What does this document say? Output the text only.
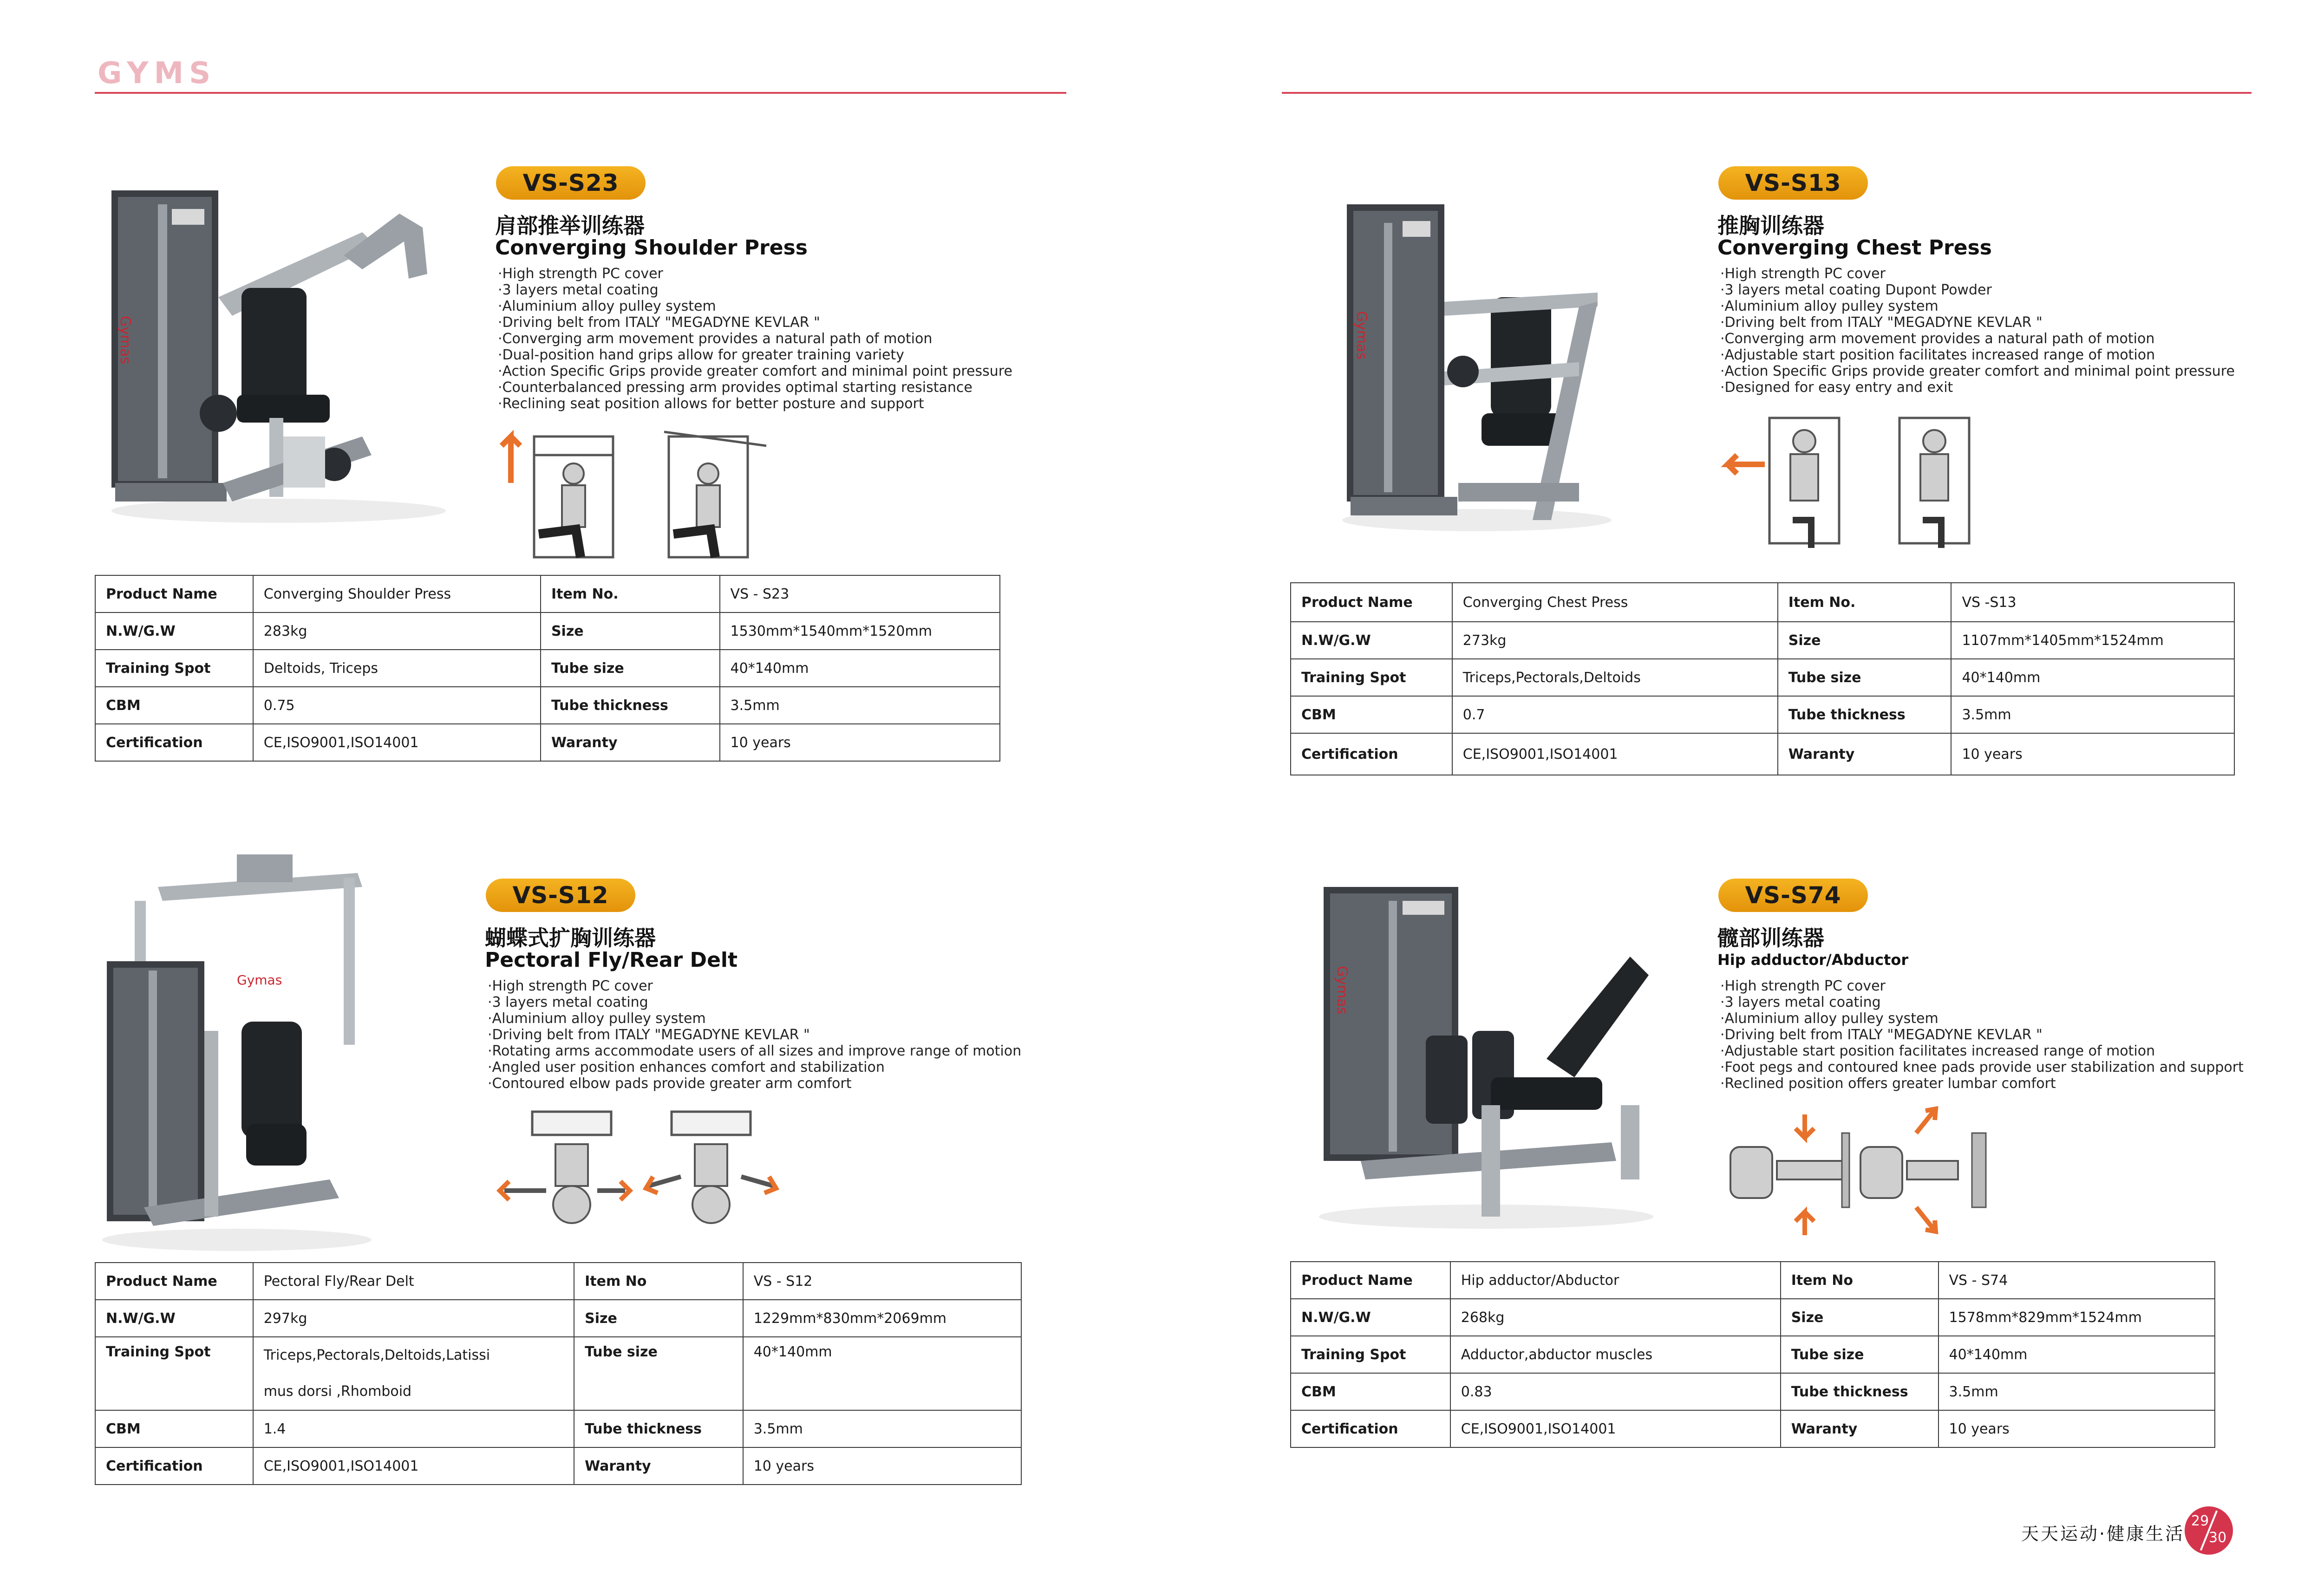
GYMS
Gymas
VS-S23
肩部推举训练器
Converging Shoulder Press
· High strength PC cover
· 3 layers metal coating
· Aluminium alloy pulley system
· Driving belt from ITALY "MEGADYNE KEVLAR "
· Converging arm movement provides a natural path of motion
· Dual-position hand grips allow for greater training variety
· Action Specific Grips provide greater comfort and minimal point pressure
· Counterbalanced pressing arm provides optimal starting resistance
· Reclining seat position allows for better posture and support
Product Name	Converging Shoulder Press	Item No.	VS - S23
N.W/G.W	283kg	Size	1530mm*1540mm*1520mm
Training Spot	Deltoids, Triceps	Tube size	40*140mm
CBM	0.75	Tube thickness	3.5mm
Certification	CE,ISO9001,ISO14001	Waranty	10 years
Gymas
VS-S13
推胸训练器
Converging Chest Press
· High strength PC cover
· 3 layers metal coating Dupont Powder
· Aluminium alloy pulley system
· Driving belt from ITALY "MEGADYNE KEVLAR "
· Converging arm movement provides a natural path of motion
· Adjustable start position facilitates increased range of motion
· Action Specific Grips provide greater comfort and minimal point pressure
· Designed for easy entry and exit
Product Name	Converging Chest Press	Item No.	VS -S13
N.W/G.W	273kg	Size	1107mm*1405mm*1524mm
Training Spot	Triceps,Pectorals,Deltoids	Tube size	40*140mm
CBM	0.7	Tube thickness	3.5mm
Certification	CE,ISO9001,ISO14001	Waranty	10 years
Gymas
VS-S12
蝴蝶式扩胸训练器
Pectoral Fly/Rear Delt
· High strength PC cover
· 3 layers metal coating
· Aluminium alloy pulley system
· Driving belt from ITALY "MEGADYNE KEVLAR "
· Rotating arms accommodate users of all sizes and improve range of motion
· Angled user position enhances comfort and stabilization
· Contoured elbow pads provide greater arm comfort
Product Name	Pectoral Fly/Rear Delt	Item No	VS - S12
N.W/G.W	297kg	Size	1229mm*830mm*2069mm
Training Spot	Triceps,Pectorals,Deltoids,Latissi mus dorsi ,Rhomboid	Tube size	40*140mm
CBM	1.4	Tube thickness	3.5mm
Certification	CE,ISO9001,ISO14001	Waranty	10 years
Gymas
VS-S74
髋部训练器
Hip adductor/Abductor
· High strength PC cover
· 3 layers metal coating
· Aluminium alloy pulley system
· Driving belt from ITALY "MEGADYNE KEVLAR "
· Adjustable start position facilitates increased range of motion
· Foot pegs and contoured knee pads provide user stabilization and support
· Reclined position offers greater lumbar comfort
Product Name	Hip adductor/Abductor	Item No	VS - S74
N.W/G.W	268kg	Size	1578mm*829mm*1524mm
Training Spot	Adductor,abductor muscles	Tube size	40*140mm
CBM	0.83	Tube thickness	3.5mm
Certification	CE,ISO9001,ISO14001	Waranty	10 years
天天运动·健康生活
29
30
